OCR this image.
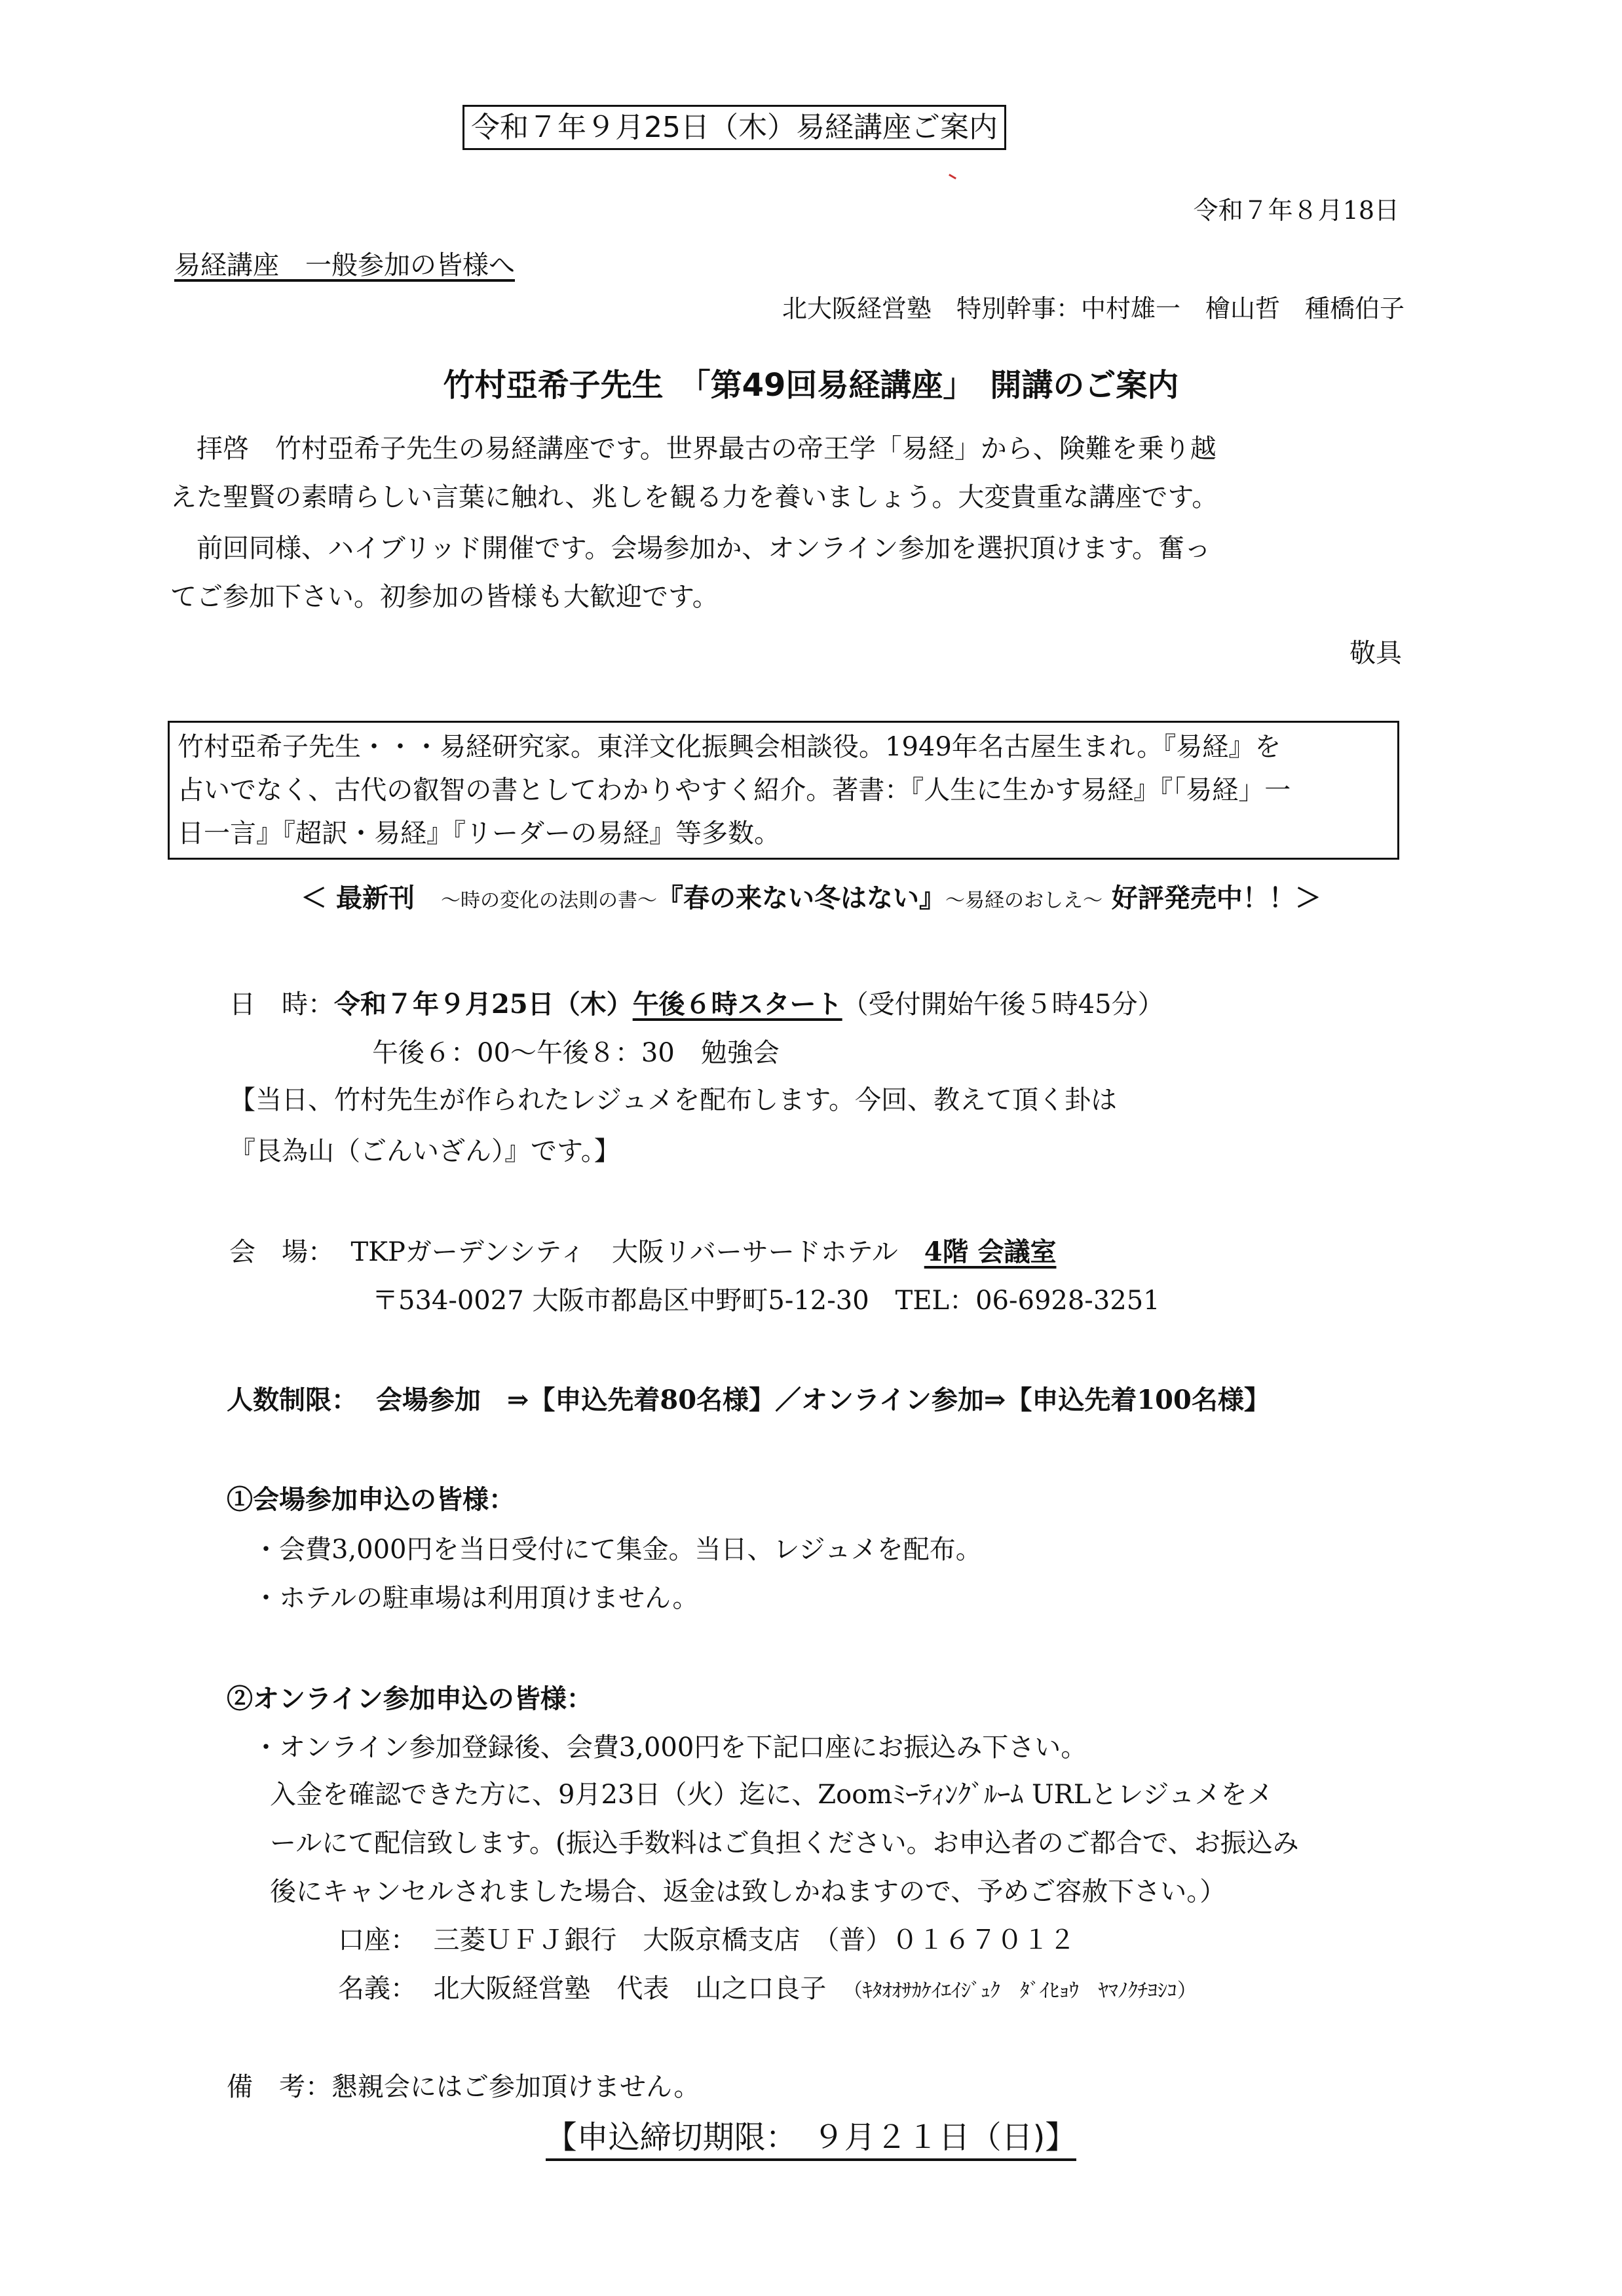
令和７年９月25日（木）易経講座ご案内
令和７年８月18日
易経講座　一般参加の皆様へ
北大阪経営塾　特別幹事：中村雄一　檜山哲　種橋伯子
竹村亞希子先生　「第49回易経講座」　開講のご案内

拝啓　竹村亞希子先生の易経講座です。世界最古の帝王学「易経」から、険難を乗り越

えた聖賢の素晴らしい言葉に触れ、兆しを観る力を養いましょう。大変貴重な講座です。

前回同様、ハイブリッド開催です。会場参加か、オンライン参加を選択頂けます。奮っ

てご参加下さい。初参加の皆様も大歓迎です。

敬具
竹村亞希子先生・・・易経研究家。東洋文化振興会相談役。1949年名古屋生まれ。『易経』を
占いでなく、古代の叡智の書としてわかりやすく紹介。著書：『人生に生かす易経』『「易経」一
日一言』『超訳・易経』『リーダーの易経』等多数。
＜ 最新刊　～時の変化の法則の書～『春の来ない冬はない』～易経のおしえ～ 好評発売中！！＞
日　時：令和７年９月25日（木）午後６時スタート（受付開始午後５時45分）
午後６：00～午後８：30　勉強会
【当日、竹村先生が作られたレジュメを配布します。今回、教えて頂く卦は
『艮為山（ごんいざん）』です。】
会　場： TKPガーデンシティ　大阪リバーサードホテル　4階 会議室
〒534-0027 大阪市都島区中野町5-12-30　TEL：06-6928-3251
人数制限： 会場参加　⇒【申込先着80名様】／オンライン参加⇒【申込先着100名様】
①会場参加申込の皆様：
・会費3,000円を当日受付にて集金。当日、レジュメを配布。
・ホテルの駐車場は利用頂けません。
②オンライン参加申込の皆様：
・オンライン参加登録後、会費3,000円を下記口座にお振込み下さい。
入金を確認できた方に、9月23日（火）迄に、Zoomﾐｰﾃｨﾝｸﾞﾙｰﾑ URLとレジュメをメ
ールにて配信致します。(振込手数料はご負担ください。お申込者のご都合で、お振込み
後にキャンセルされました場合、返金は致しかねますので、予めご容赦下さい。）
口座： 三菱ＵＦＪ銀行　大阪京橋支店　（普）０１６７０１２
名義： 北大阪経営塾　代表　山之口良子 （ｷﾀｵｵｻｶｹｲｴｲｼﾞｭｸ　ﾀﾞｲﾋｮｳ　ﾔﾏﾉｸﾁﾖｼｺ）
備　考：懇親会にはご参加頂けません。
【申込締切期限：　９月２１日（日)】
